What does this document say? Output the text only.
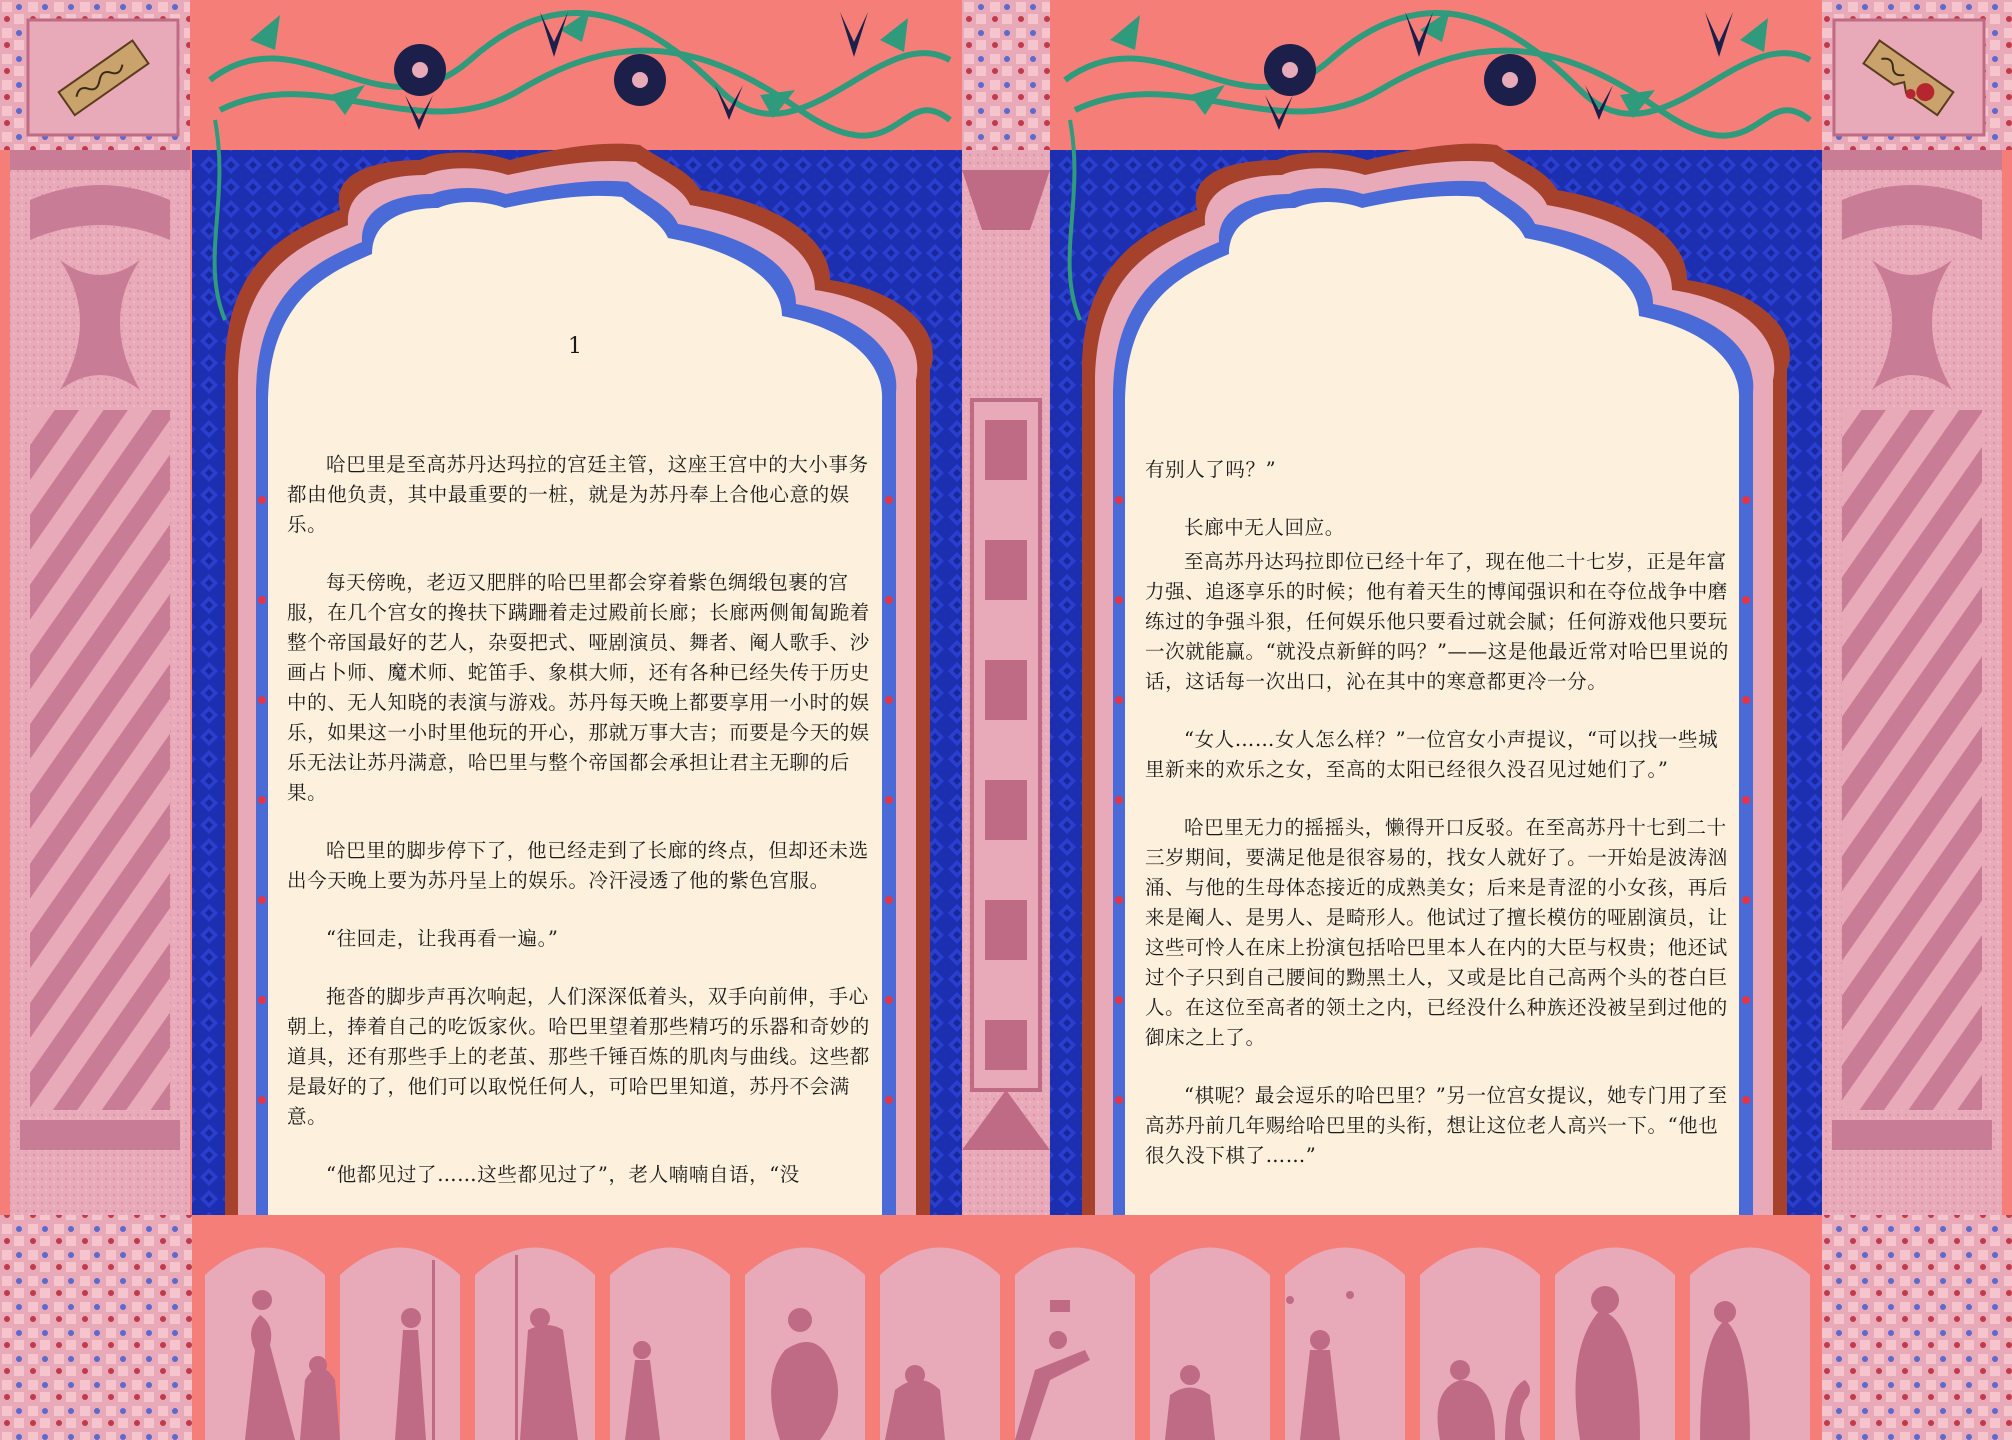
1

哈巴里是至高苏丹达玛拉的宫廷主管，这座王宫中的大小事务都由他负责，其中最重要的一桩，就是为苏丹奉上合他心意的娱乐。

每天傍晚，老迈又肥胖的哈巴里都会穿着紫色绸缎包裹的宫服，在几个宫女的搀扶下蹒跚着走过殿前长廊；长廊两侧匍匐跪着整个帝国最好的艺人，杂耍把式、哑剧演员、舞者、阉人歌手、沙画占卜师、魔术师、蛇笛手、象棋大师，还有各种已经失传于历史中的、无人知晓的表演与游戏。苏丹每天晚上都要享用一小时的娱乐，如果这一小时里他玩的开心，那就万事大吉；而要是今天的娱乐无法让苏丹满意，哈巴里与整个帝国都会承担让君主无聊的后果。

哈巴里的脚步停下了，他已经走到了长廊的终点，但却还未选出今天晚上要为苏丹呈上的娱乐。冷汗浸透了他的紫色宫服。

“往回走，让我再看一遍。”

拖沓的脚步声再次响起，人们深深低着头，双手向前伸，手心朝上，捧着自己的吃饭家伙。哈巴里望着那些精巧的乐器和奇妙的道具，还有那些手上的老茧、那些千锤百炼的肌肉与曲线。这些都是最好的了，他们可以取悦任何人，可哈巴里知道，苏丹不会满意。

“他都见过了……这些都见过了”，老人喃喃自语，“没

有别人了吗？”

长廊中无人回应。

至高苏丹达玛拉即位已经十年了，现在他二十七岁，正是年富力强、追逐享乐的时候；他有着天生的博闻强识和在夺位战争中磨练过的争强斗狠，任何娱乐他只要看过就会腻；任何游戏他只要玩一次就能赢。“就没点新鲜的吗？”——这是他最近常对哈巴里说的话，这话每一次出口，沁在其中的寒意都更冷一分。

“女人……女人怎么样？”一位宫女小声提议，“可以找一些城里新来的欢乐之女，至高的太阳已经很久没召见过她们了。”

哈巴里无力的摇摇头，懒得开口反驳。在至高苏丹十七到二十三岁期间，要满足他是很容易的，找女人就好了。一开始是波涛汹涌、与他的生母体态接近的成熟美女；后来是青涩的小女孩，再后来是阉人、是男人、是畸形人。他试过了擅长模仿的哑剧演员，让这些可怜人在床上扮演包括哈巴里本人在内的大臣与权贵；他还试过个子只到自己腰间的黝黑土人，又或是比自己高两个头的苍白巨人。在这位至高者的领土之内，已经没什么种族还没被呈到过他的御床之上了。

“棋呢？最会逗乐的哈巴里？”另一位宫女提议，她专门用了至高苏丹前几年赐给哈巴里的头衔，想让这位老人高兴一下。“他也很久没下棋了……”
